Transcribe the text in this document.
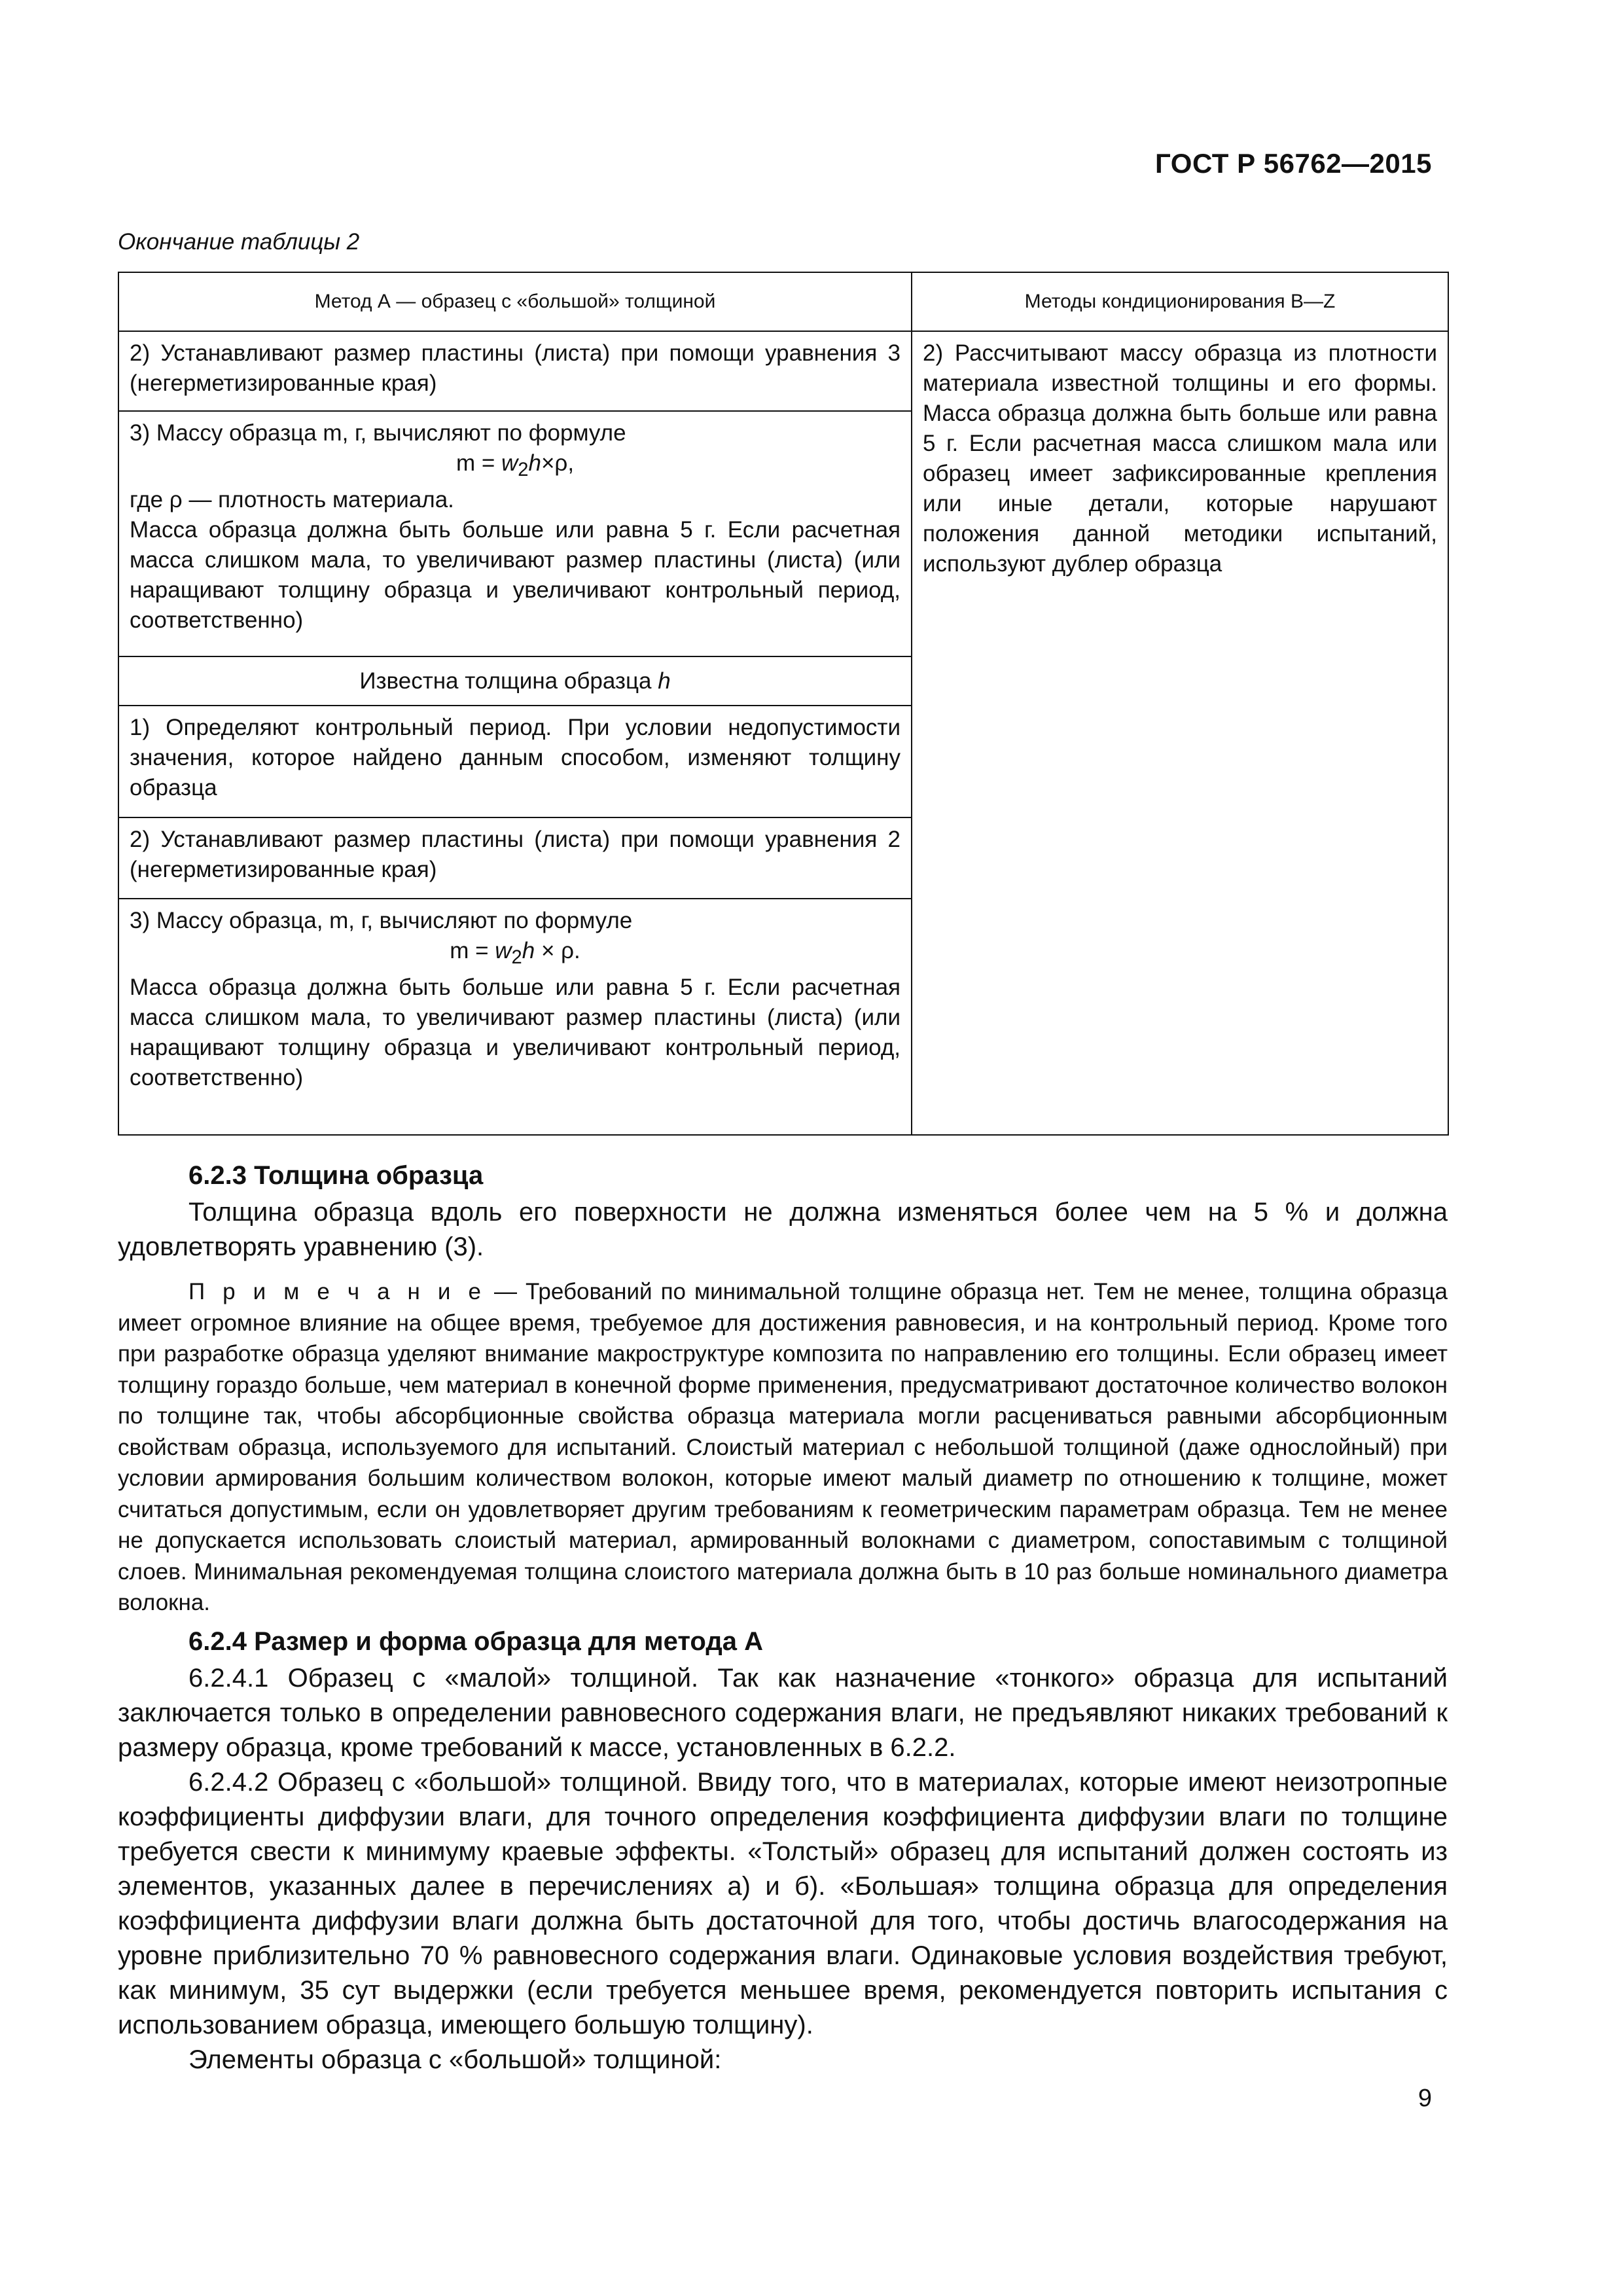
ГОСТ Р 56762—2015
Окончание таблицы 2
Метод А — образец с «большой» толщиной	Методы кондиционирования В—Z
2) Устанавливают размер пластины (листа) при помощи уравнения 3 (негерметизированные края)	2) Рассчитывают массу образца из плотности материала известной толщины и его формы. Масса образца должна быть больше или равна 5 г. Если расчетная масса слишком мала или образец имеет зафиксированные крепления или иные детали, которые нарушают положения данной методики испытаний, используют дублер образца
3) Массу образца m, г, вычисляют по формуле
$m = w_2h\times\rho$,
где ρ — плотность материала.
Масса образца должна быть больше или равна 5 г. Если расчетная масса слишком мала, то увеличивают размер пластины (листа) (или наращивают толщину образца и увеличивают контрольный период, соответственно)	

Известна толщина образца h	
1) Определяют контрольный период. При условии недопустимости значения, которое найдено данным способом, изменяют толщину образца	
2) Устанавливают размер пластины (листа) при помощи уравнения 2 (негерметизированные края)	
3) Массу образца, m, г, вычисляют по формуле
$m = w_2h \times \rho$.
Масса образца должна быть больше или равна 5 г. Если расчетная масса слишком мала, то увеличивают размер пластины (листа) (или наращивают толщину образца и увеличивают контрольный период, соответственно)	
6.2.3 Толщина образца

Толщина образца вдоль его поверхности не должна изменяться более чем на 5 % и должна удовлетворять уравнению (3).

П р и м е ч а н и е — Требований по минимальной толщине образца нет. Тем не менее, толщина образца имеет огромное влияние на общее время, требуемое для достижения равновесия, и на контрольный период. Кроме того при разработке образца уделяют внимание макроструктуре композита по направлению его толщины. Если образец имеет толщину гораздо больше, чем материал в конечной форме применения, предусматривают достаточное количество волокон по толщине так, чтобы абсорбционные свойства образца материала могли расцениваться равными абсорбционным свойствам образца, используемого для испытаний. Слоистый материал с небольшой толщиной (даже однослойный) при условии армирования большим количеством волокон, которые имеют малый диаметр по отношению к толщине, может считаться допустимым, если он удовлетворяет другим требованиям к геометрическим параметрам образца. Тем не менее не допускается использовать слоистый материал, армированный волокнами с диаметром, сопоставимым с толщиной слоев. Минимальная рекомендуемая толщина слоистого материала должна быть в 10 раз больше номинального диаметра волокна.
6.2.4 Размер и форма образца для метода А

6.2.4.1 Образец с «малой» толщиной. Так как назначение «тонкого» образца для испытаний заключается только в определении равновесного содержания влаги, не предъявляют никаких требований к размеру образца, кроме требований к массе, установленных в 6.2.2.

6.2.4.2 Образец с «большой» толщиной. Ввиду того, что в материалах, которые имеют неизотропные коэффициенты диффузии влаги, для точного определения коэффициента диффузии влаги по толщине требуется свести к минимуму краевые эффекты. «Толстый» образец для испытаний должен состоять из элементов, указанных далее в перечислениях а) и б). «Большая» толщина образца для определения коэффициента диффузии влаги должна быть достаточной для того, чтобы достичь влагосодержания на уровне приблизительно 70 % равновесного содержания влаги. Одинаковые условия воздействия требуют, как минимум, 35 сут выдержки (если требуется меньшее время, рекомендуется повторить испытания с использованием образца, имеющего большую толщину).

Элементы образца с «большой» толщиной:

9
